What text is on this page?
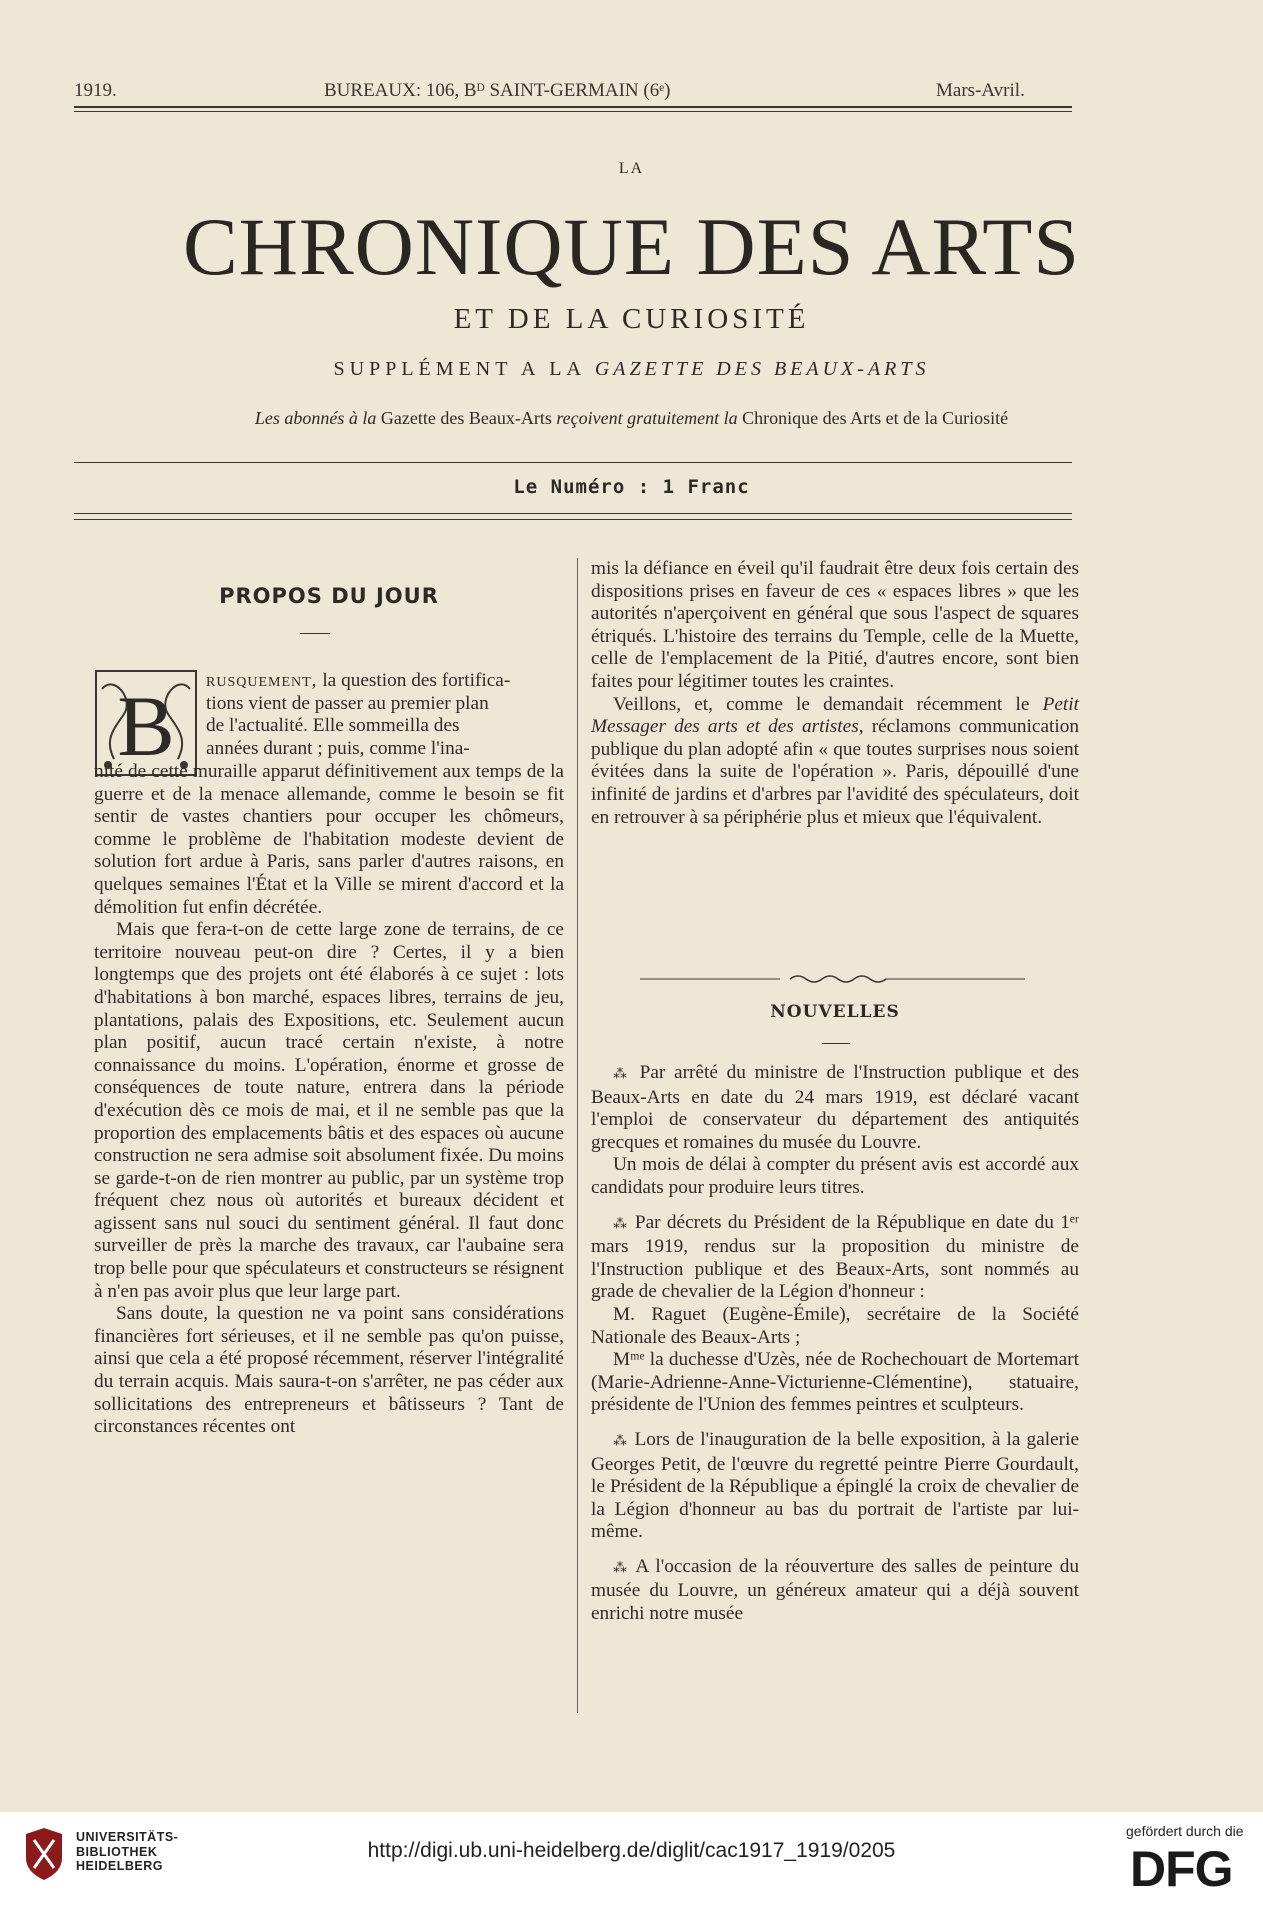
1919.	BUREAUX: 106, Bᴰ SAINT-GERMAIN (6ᵉ)	Mars-Avril.
LA
CHRONIQUE DES ARTS
ET DE LA CURIOSITÉ
SUPPLÉMENT A LA GAZETTE DES BEAUX-ARTS
Les abonnés à la Gazette des Beaux-Arts reçoivent gratuitement la Chronique des Arts et de la Curiosité
Le Numéro : 1 Franc
PROPOS DU JOUR
B rusquement, la question des fortifica-

tions vient de passer au premier plan

de l'actualité. Elle sommeilla des

années durant ; puis, comme l'ina-

nité de cette muraille apparut définitivement aux temps de la guerre et de la menace allemande, comme le besoin se fit sentir de vastes chantiers pour occuper les chômeurs, comme le problème de l'habitation modeste devient de solution fort ardue à Paris, sans parler d'autres raisons, en quelques semaines l'État et la Ville se mirent d'accord et la démolition fut enfin décrétée.

Mais que fera-t-on de cette large zone de terrains, de ce territoire nouveau peut-on dire ? Certes, il y a bien longtemps que des projets ont été élaborés à ce sujet : lots d'habitations à bon marché, espaces libres, terrains de jeu, plantations, palais des Expositions, etc. Seulement aucun plan positif, aucun tracé certain n'existe, à notre connaissance du moins. L'opération, énorme et grosse de conséquences de toute nature, entrera dans la période d'exécution dès ce mois de mai, et il ne semble pas que la proportion des emplacements bâtis et des espaces où aucune construction ne sera admise soit absolument fixée. Du moins se garde-t-on de rien montrer au public, par un système trop fréquent chez nous où autorités et bureaux décident et agissent sans nul souci du sentiment général. Il faut donc surveiller de près la marche des travaux, car l'aubaine sera trop belle pour que spéculateurs et constructeurs se résignent à n'en pas avoir plus que leur large part.

Sans doute, la question ne va point sans considérations financières fort sérieuses, et il ne semble pas qu'on puisse, ainsi que cela a été proposé récemment, réserver l'intégralité du terrain acquis. Mais saura-t-on s'arrêter, ne pas céder aux sollicitations des entrepreneurs et bâtisseurs ? Tant de circonstances récentes ont

mis la défiance en éveil qu'il faudrait être deux fois certain des dispositions prises en faveur de ces « espaces libres » que les autorités n'aperçoivent en général que sous l'aspect de squares étriqués. L'histoire des terrains du Temple, celle de la Muette, celle de l'emplacement de la Pitié, d'autres encore, sont bien faites pour légitimer toutes les craintes.

Veillons, et, comme le demandait récemment le Petit Messager des arts et des artistes, réclamons communication publique du plan adopté afin « que toutes surprises nous soient évitées dans la suite de l'opération ». Paris, dépouillé d'une infinité de jardins et d'arbres par l'avidité des spéculateurs, doit en retrouver à sa périphérie plus et mieux que l'équivalent.

NOUVELLES

⁂ Par arrêté du ministre de l'Instruction publique et des Beaux-Arts en date du 24 mars 1919, est déclaré vacant l'emploi de conservateur du département des antiquités grecques et romaines du musée du Louvre.

Un mois de délai à compter du présent avis est accordé aux candidats pour produire leurs titres.

⁂ Par décrets du Président de la République en date du 1ᵉʳ mars 1919, rendus sur la proposition du ministre de l'Instruction publique et des Beaux-Arts, sont nommés au grade de chevalier de la Légion d'honneur :

M. Raguet (Eugène-Émile), secrétaire de la Société Nationale des Beaux-Arts ;

Mᵐᵉ la duchesse d'Uzès, née de Rochechouart de Mortemart (Marie-Adrienne-Anne-Victurienne-Clémentine), statuaire, présidente de l'Union des femmes peintres et sculpteurs.

⁂ Lors de l'inauguration de la belle exposition, à la galerie Georges Petit, de l'œuvre du regretté peintre Pierre Gourdault, le Président de la République a épinglé la croix de chevalier de la Légion d'honneur au bas du portrait de l'artiste par lui-même.

⁂ A l'occasion de la réouverture des salles de peinture du musée du Louvre, un généreux amateur qui a déjà souvent enrichi notre musée

UNIVERSITÄTS-
BIBLIOTHEK
HEIDELBERG
http://digi.ub.uni-heidelberg.de/diglit/cac1917_1919/0205
gefördert durch die
DFG
